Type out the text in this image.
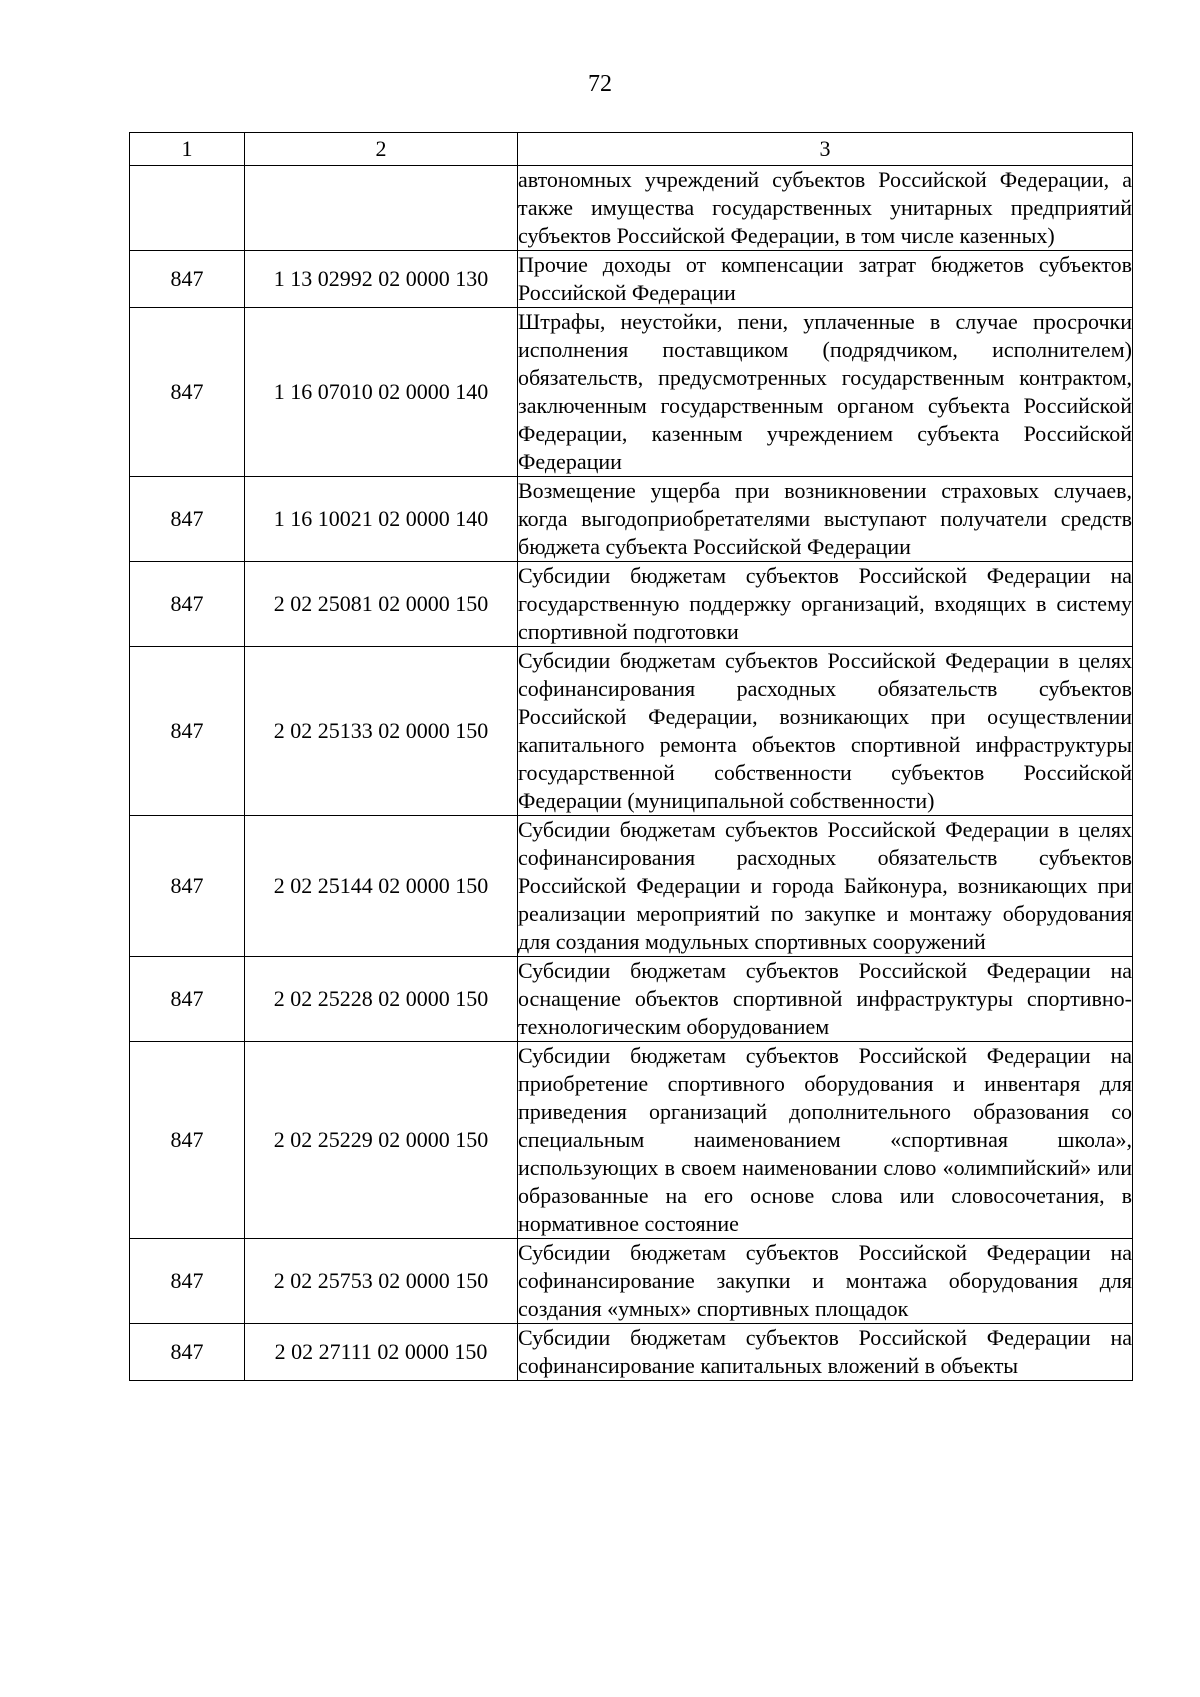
72
1	2	3
		автономных учреждений субъектов Российской Федерации, а также имущества государственных унитарных предприятий субъектов Российской Федерации, в том числе казенных)
847	1 13 02992 02 0000 130	Прочие доходы от компенсации затрат бюджетов субъектов Российской Федерации
847	1 16 07010 02 0000 140	Штрафы, неустойки, пени, уплаченные в случае просрочки исполнения поставщиком (подрядчиком, исполнителем) обязательств, предусмотренных государственным контрактом, заключенным государственным органом субъекта Российской Федерации, казенным учреждением субъекта Российской Федерации
847	1 16 10021 02 0000 140	Возмещение ущерба при возникновении страховых случаев, когда выгодоприобретателями выступают получатели средств бюджета субъекта Российской Федерации
847	2 02 25081 02 0000 150	Субсидии бюджетам субъектов Российской Федерации на государственную поддержку организаций, входящих в систему спортивной подготовки
847	2 02 25133 02 0000 150	Субсидии бюджетам субъектов Российской Федерации в целях софинансирования расходных обязательств субъектов Российской Федерации, возникающих при осуществлении капитального ремонта объектов спортивной инфраструктуры государственной собственности субъектов Российской Федерации (муниципальной собственности)
847	2 02 25144 02 0000 150	Субсидии бюджетам субъектов Российской Федерации в целях софинансирования расходных обязательств субъектов Российской Федерации и города Байконура, возникающих при реализации мероприятий по закупке и монтажу оборудования для создания модульных спортивных сооружений
847	2 02 25228 02 0000 150	Субсидии бюджетам субъектов Российской Федерации на оснащение объектов спортивной инфраструктуры спортивно-технологическим оборудованием
847	2 02 25229 02 0000 150	Субсидии бюджетам субъектов Российской Федерации на приобретение спортивного оборудования и инвентаря для приведения организаций дополнительного образования со специальным наименованием «спортивная школа», использующих в своем наименовании слово «олимпийский» или образованные на его основе слова или словосочетания, в нормативное состояние
847	2 02 25753 02 0000 150	Субсидии бюджетам субъектов Российской Федерации на софинансирование закупки и монтажа оборудования для создания «умных» спортивных площадок
847	2 02 27111 02 0000 150	Субсидии бюджетам субъектов Российской Федерации на софинансирование капитальных вложений в объекты
